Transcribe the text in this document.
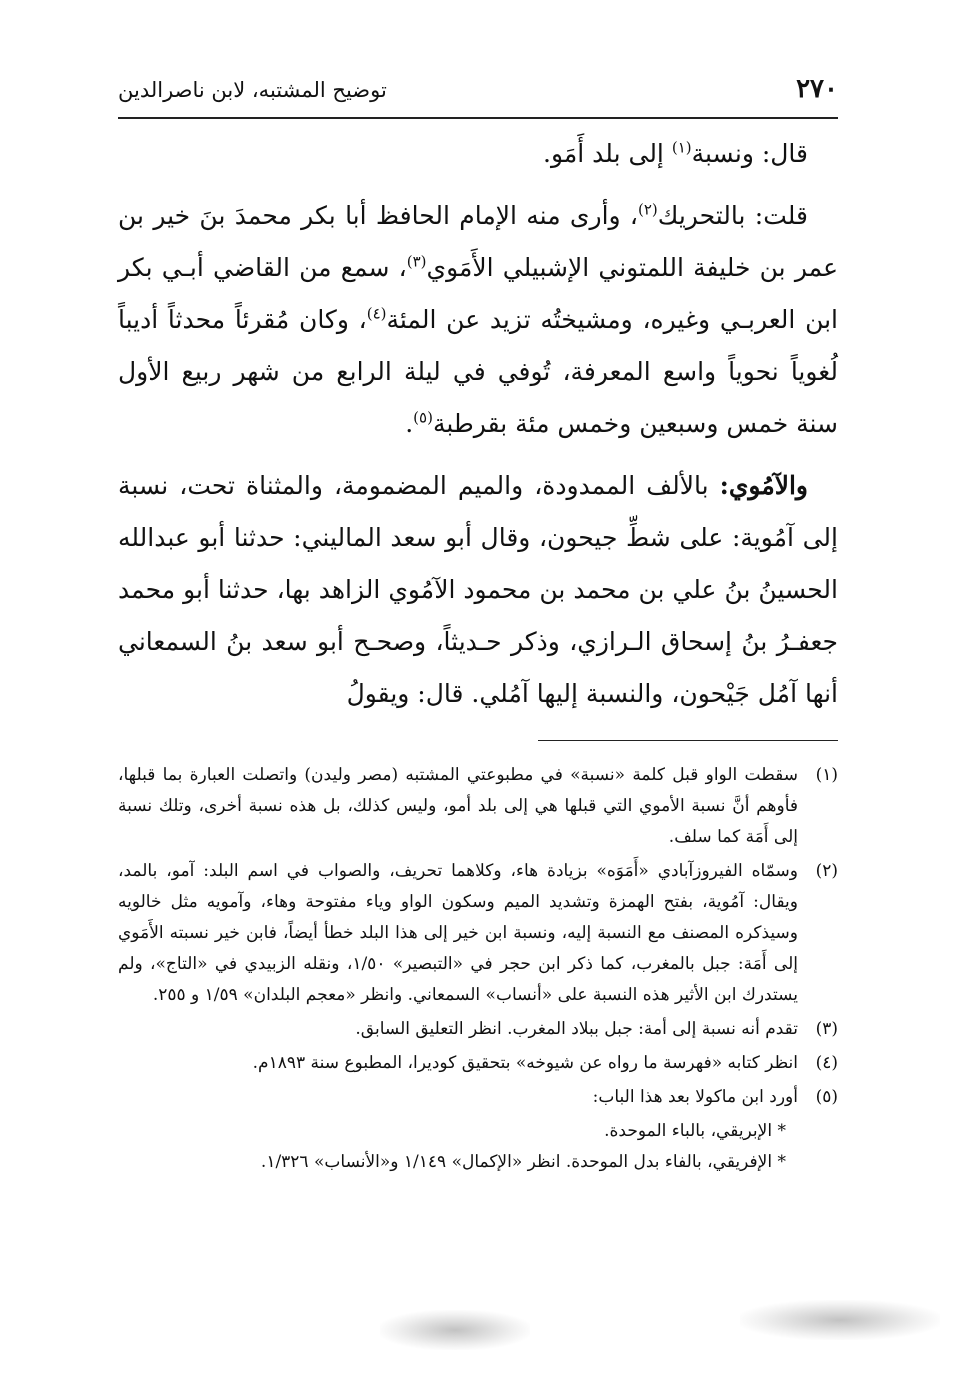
٢٧٠
توضيح المشتبه، لابن ناصرالدين

قال: ونسبة$^{(١)}$ إلى بلد أَمَو.

قلت: بالتحريك$^{(٢)}$، وأرى منه الإمام الحافظ أبا بكر محمدَ بنَ خير بن عمر بن خليفة اللمتوني الإشبيلي الأَمَوي$^{(٣)}$، سمع من القاضي أبـي بكر ابن العربـي وغيره، ومشيختُه تزيد عن المئة$^{(٤)}$، وكان مُقرئاً محدثاً أديباً لُغوياً نحوياً واسع المعرفة، تُوفي في ليلة الرابع من شهر ربيع الأول سنة خمس وسبعين وخمس مئة بقرطبة$^{(٥)}$.

والآمُوي: بالألف الممدودة، والميم المضمومة، والمثناة تحت، نسبة إلى آمُوية: على شطِّ جيحون، وقال أبو سعد الماليني: حدثنا أبو عبدالله الحسينُ بنُ علي بن محمد بن محمود الآمُوي الزاهد بها، حدثنا أبو محمد جعفـرُ بنُ إسحاق الـرازي، وذكر حـديثاً، وصحـح أبو سعد بنُ السمعاني أنها آمُل جَيْحون، والنسبة إليها آمُلي. قال: ويقولُ

(١)
سقطت الواو قبل كلمة «نسبة» في مطبوعتي المشتبه (مصر وليدن) واتصلت العبارة بما قبلها، فأوهم أنَّ نسبة الأموي التي قبلها هي إلى بلد أمو، وليس كذلك، بل هذه نسبة أخرى، وتلك نسبة إلى أَمَة كما سلف.
(٢)
وسمّاه الفيروزآبادي «أَمَوَه» بزيادة هاء، وكلاهما تحريف، والصواب في اسم البلد: آمو، بالمد، ويقال: آمُوية، بفتح الهمزة وتشديد الميم وسكون الواو وياء مفتوحة وهاء، وآمويه مثل خالويه وسيذكره المصنف مع النسبة إليه، ونسبة ابن خير إلى هذا البلد خطأ أيضاً، فابن خير نسبته الأَمَوي إلى أَمَة: جبل بالمغرب، كما ذكر ابن حجر في «التبصير» ١/٥٠، ونقله الزبيدي في «التاج»، ولم يستدرك ابن الأثير هذه النسبة على «أنساب» السمعاني. وانظر «معجم البلدان» ١/٥٩ و ٢٥٥.
(٣)
تقدم أنه نسبة إلى أمة: جبل ببلاد المغرب. انظر التعليق السابق.
(٤)
انظر كتابه «فهرسة ما رواه عن شيوخه» بتحقيق كوديرا، المطبوع سنة ١٨٩٣م.
(٥)
أورد ابن ماكولا بعد هذا الباب:
* الإبريقي، بالباء الموحدة.
* الإفريقي، بالفاء بدل الموحدة. انظر «الإكمال» ١/١٤٩ و«الأنساب» ١/٣٢٦.
